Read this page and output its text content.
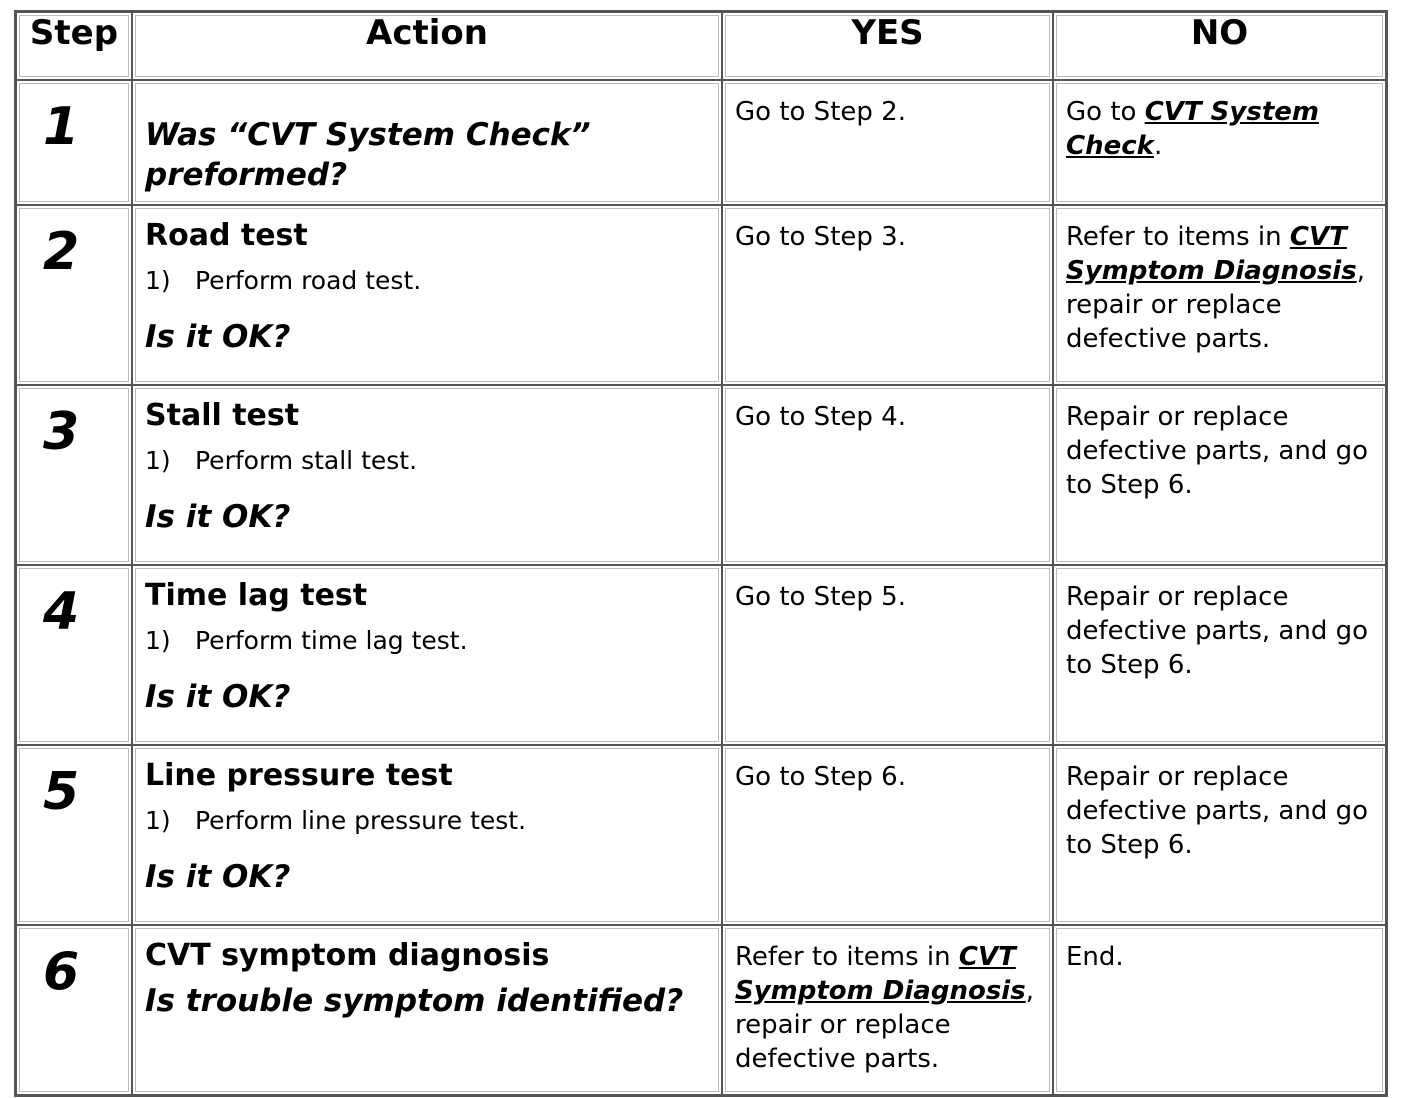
Step	Action	YES	NO

1	Was “CVT System Check” preformed?	Go to Step 2.	Go to CVT System Check.

2	Road test
1) Perform road test.
Is it OK?	Go to Step 3.	Refer to items in CVT Symptom Diagnosis, repair or replace defective parts.

3	Stall test
1) Perform stall test.
Is it OK?	Go to Step 4.	Repair or replace defective parts, and go to Step 6.

4	Time lag test
1) Perform time lag test.
Is it OK?	Go to Step 5.	Repair or replace defective parts, and go to Step 6.

5	Line pressure test
1) Perform line pressure test.
Is it OK?	Go to Step 6.	Repair or replace defective parts, and go to Step 6.

6	CVT symptom diagnosis
Is trouble symptom identified?	Refer to items in CVT Symptom Diagnosis, repair or replace defective parts.	End.
